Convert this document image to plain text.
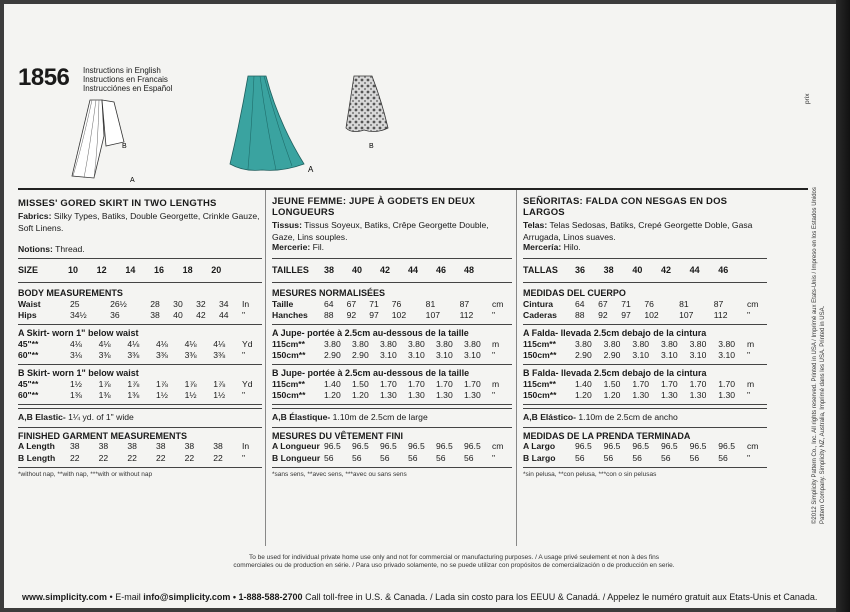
1856 Instructions in English
Instructions en Francais
Instrucciónes en Español
B
A
A
B
prix
MISSES' GORED SKIRT IN TWO LENGTHS
Fabrics: Silky Types, Batiks, Double Georgette, Crinkle Gauze, Soft Linens.
Notions: Thread.
SIZE	10	12	14	16	18	20	
BODY MEASUREMENTS
Waist	25	26½	28	30	32	34	In
Hips	34½	36	38	40	42	44	"
A Skirt- worn 1" below waist
45"**	4⅛	4⅛	4⅛	4⅛	4⅛	4⅛	Yd
60"**	3⅛	3⅜	3⅜	3⅜	3⅜	3⅜	"
B Skirt- worn 1" below waist
45"**	1½	1⅞	1⅞	1⅞	1⅞	1⅞	Yd
60"**	1⅜	1⅜	1⅜	1½	1½	1½	"
A,B Elastic- 1¼ yd. of 1" wide
FINISHED GARMENT MEASUREMENTS
A Length	38	38	38	38	38	38	In
B Length	22	22	22	22	22	22	"
*without nap, **with nap, ***with or without nap
JEUNE FEMME: JUPE À GODETS EN DEUX LONGUEURS
Tissus: Tissus Soyeux, Batiks, Crêpe Georgette Double, Gaze, Lins souples.
Mercerie: Fil.
TAILLES	38	40	42	44	46	48	
MESURES NORMALISÉES
Taille	64	67	71	76	81	87	cm
Hanches	88	92	97	102	107	112	"
A Jupe- portée à 2.5cm au-dessous de la taille
115cm**	3.80	3.80	3.80	3.80	3.80	3.80	m
150cm**	2.90	2.90	3.10	3.10	3.10	3.10	"
B Jupe- portée à 2.5cm au-dessous de la taille
115cm**	1.40	1.50	1.70	1.70	1.70	1.70	m
150cm**	1.20	1.20	1.30	1.30	1.30	1.30	"
A,B Élastique- 1.10m de 2.5cm de large
MESURES DU VÊTEMENT FINI
A Longueur	96.5	96.5	96.5	96.5	96.5	96.5	cm
B Longueur	56	56	56	56	56	56	"
*sans sens, **avec sens, ***avec ou sans sens
SEÑORITAS: FALDA CON NESGAS EN DOS LARGOS
Telas: Telas Sedosas, Batiks, Crepé Georgette Doble, Gasa Arrugada, Linos suaves.
Mercería: Hilo.
TALLAS	36	38	40	42	44	46	
MEDIDAS DEL CUERPO
Cintura	64	67	71	76	81	87	cm
Caderas	88	92	97	102	107	112	"
A Falda- llevada 2.5cm debajo de la cintura
115cm**	3.80	3.80	3.80	3.80	3.80	3.80	m
150cm**	2.90	2.90	3.10	3.10	3.10	3.10	"
B Falda- llevada 2.5cm debajo de la cintura
115cm**	1.40	1.50	1.70	1.70	1.70	1.70	m
150cm**	1.20	1.20	1.30	1.30	1.30	1.30	"
A,B Elástico- 1.10m de 2.5cm de ancho
MEDIDAS DE LA PRENDA TERMINADA
A Largo	96.5	96.5	96.5	96.5	96.5	96.5	cm
B Largo	56	56	56	56	56	56	"
*sin pelusa, **con pelusa, ***con o sin pelusas
To be used for individual private home use only and not for commercial or manufacturing purposes. / A usage privé seulement et non à des fins
commerciales ou de production en série. / Para uso privado solamente, no se puede utilizar con propósitos de comercialización o de producción en serie.
©2012 Simplicity Pattern Co., Inc. All rights reserved. Printed in USA / Imprimé aux Etats-Unis / Impreso en los Estados Unidos Pattern Company. Simplicity NZ, Australia, Imprimé dans les USA. Printed in USA.
www.simplicity.com • E-mail info@simplicity.com • 1-888-588-2700 Call toll-free in U.S. & Canada. / Lada sin costo para los EEUU & Canadá. / Appelez le numéro gratuit aux Etats-Unis et Canada.
